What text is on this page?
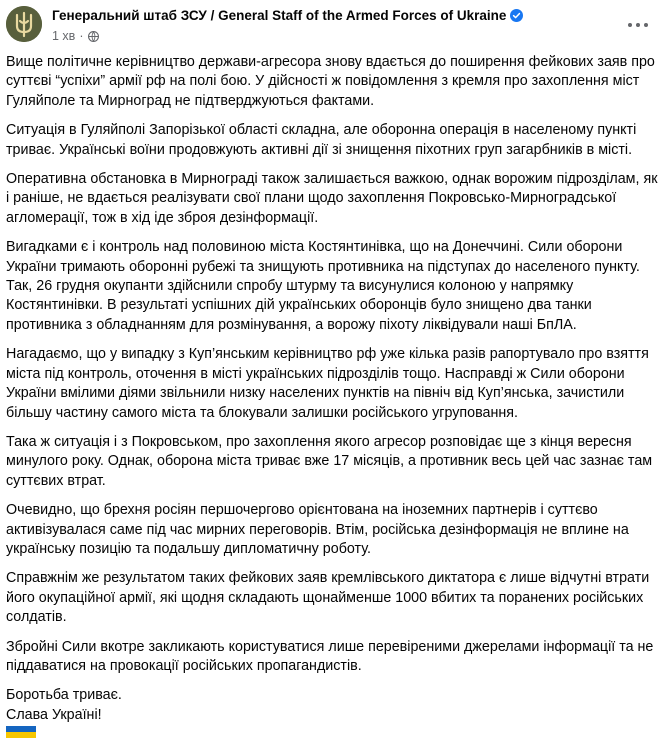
Генеральний штаб ЗСУ / General Staff of the Armed Forces of Ukraine
1 хв ·

Вище політичне керівництво держави-агресора знову вдається до поширення фейкових заяв про суттєві “успіхи” армії рф на полі бою. У дійсності ж повідомлення з кремля про захоплення міст Гуляйполе та Мирноград не підтверджуються фактами.

Ситуація в Гуляйполі Запорізької області складна, але оборонна операція в населеному пункті триває. Українські воїни продовжують активні дії зі знищення піхотних груп загарбників в місті.

Оперативна обстановка в Мирнограді також залишається важкою, однак ворожим підрозділам, як і раніше, не вдається реалізувати свої плани щодо захоплення Покровсько-Мирноградської агломерації, тож в хід іде зброя дезінформації.

Вигадками є і контроль над половиною міста Костянтинівка, що на Донеччині. Сили оборони України тримають оборонні рубежі та знищують противника на підступах до населеного пункту. Так, 26 грудня окупанти здійснили спробу штурму та висунулися колоною у напрямку Костянтинівки. В результаті успішних дій українських оборонців було знищено два танки противника з обладнанням для розмінування, а ворожу піхоту ліквідували наші БпЛА.

Нагадаємо, що у випадку з Куп’янським керівництво рф уже кілька разів рапортувало про взяття міста під контроль, оточення в місті українських підрозділів тощо. Насправді ж Сили оборони України вмілими діями звільнили низку населених пунктів на північ від Куп’янська, зачистили більшу частину самого міста та блокували залишки російського угруповання.

Така ж ситуація і з Покровськом, про захоплення якого агресор розповідає ще з кінця вересня минулого року. Однак, оборона міста триває вже 17 місяців, а противник весь цей час зазнає там суттєвих втрат.

Очевидно, що брехня росіян першочергово орієнтована на іноземних партнерів і суттєво активізувалася саме під час мирних переговорів. Втім, російська дезінформація не вплине на українську позицію та подальшу дипломатичну роботу.

Справжнім же результатом таких фейкових заяв кремлівського диктатора є лише відчутні втрати його окупаційної армії, які щодня складають щонайменше 1000 вбитих та поранених російських солдатів.

Збройні Сили вкотре закликають користуватися лише перевіреними джерелами інформації та не піддаватися на провокації російських пропагандистів.

Боротьба триває.

Слава Україні!
